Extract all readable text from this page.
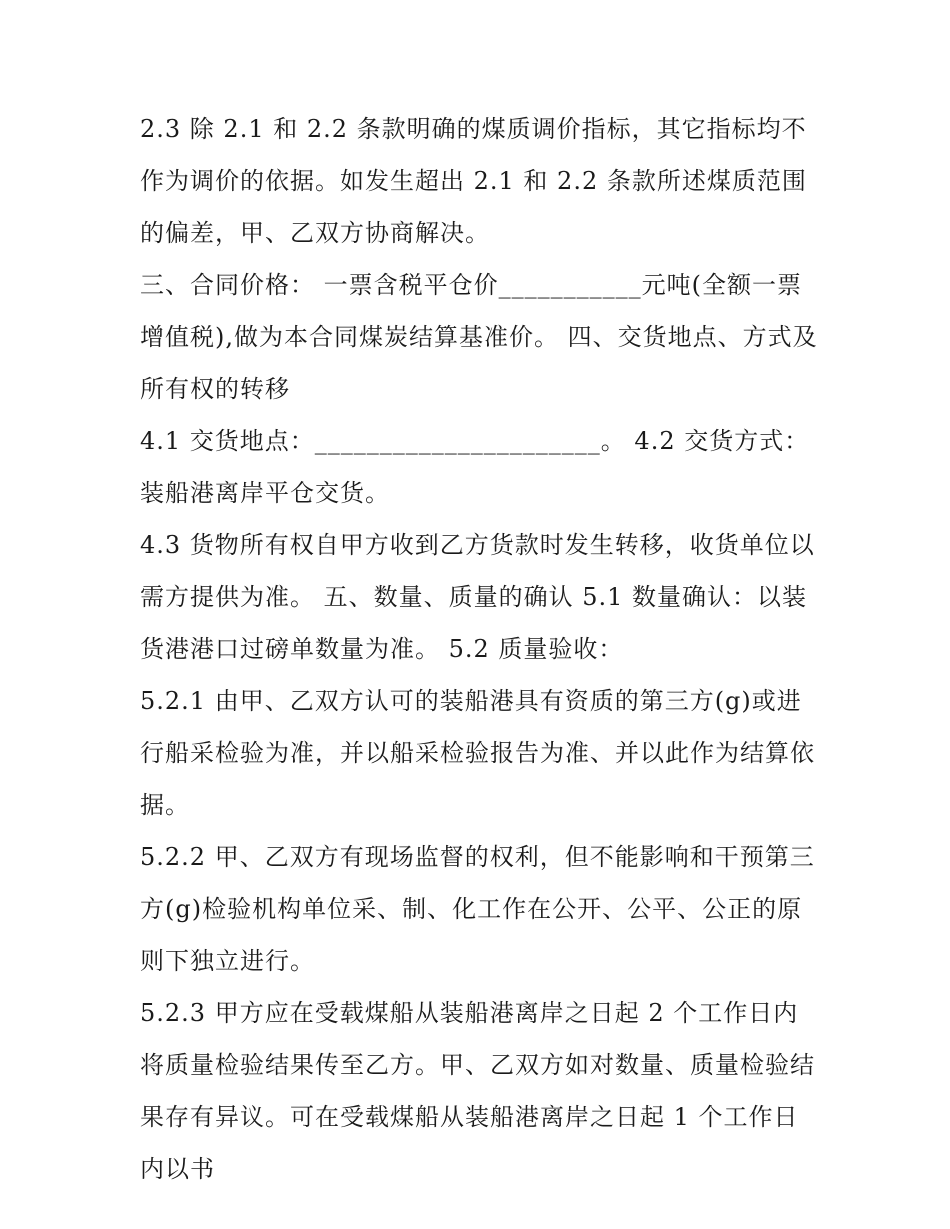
2.3 除 2.1 和 2.2 条款明确的煤质调价指标，其它指标均不作为调价的依据。如发生超出 2.1 和 2.2 条款所述煤质范围的偏差，甲、乙双方协商解决。

三、合同价格： 一票含税平仓价___________元吨(全额一票增值税),做为本合同煤炭结算基准价。 四、交货地点、方式及所有权的转移

4.1 交货地点：______________________。 4.2 交货方式：装船港离岸平仓交货。

4.3 货物所有权自甲方收到乙方货款时发生转移，收货单位以需方提供为准。 五、数量、质量的确认 5.1 数量确认：以装货港港口过磅单数量为准。 5.2 质量验收：

5.2.1 由甲、乙双方认可的装船港具有资质的第三方(g)或进行船采检验为准，并以船采检验报告为准、并以此作为结算依据。

5.2.2 甲、乙双方有现场监督的权利，但不能影响和干预第三方(g)检验机构单位采、制、化工作在公开、公平、公正的原则下独立进行。

5.2.3 甲方应在受载煤船从装船港离岸之日起 2 个工作日内将质量检验结果传至乙方。甲、乙双方如对数量、质量检验结果存有异议。可在受载煤船从装船港离岸之日起 1 个工作日内以书
